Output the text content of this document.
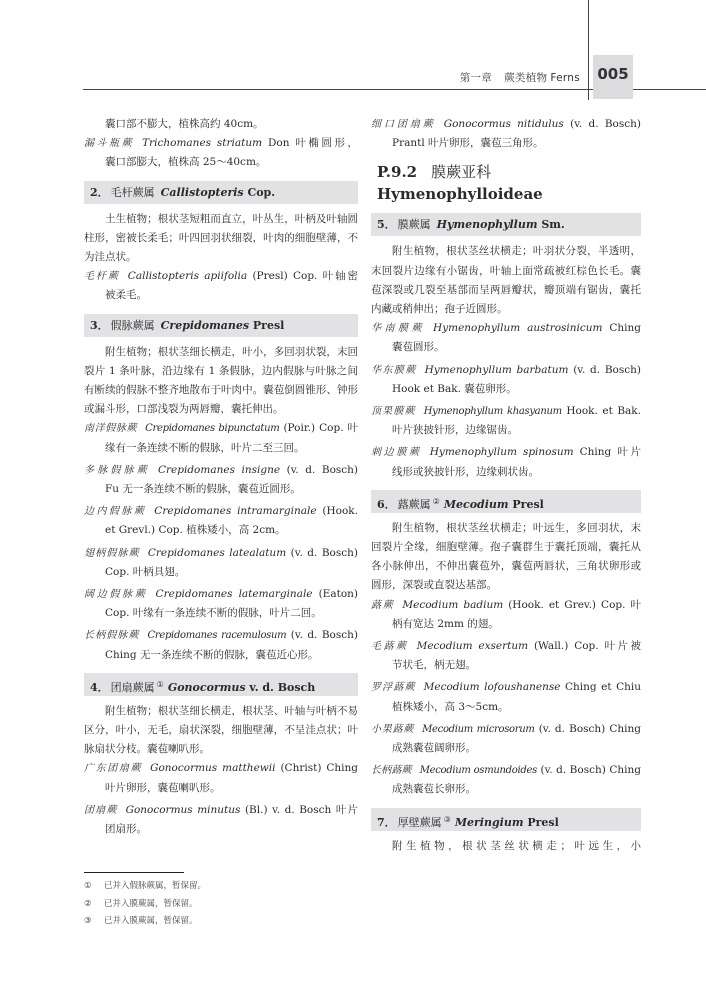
第一章 蕨类植物 Ferns 005

囊口部不膨大，植株高约 40cm。

漏斗瓶蕨 Trichomanes striatum Don 叶椭圆形，
囊口部膨大，植株高 25～40cm。
2． 毛杆蕨属 Callistopteris Cop.

土生植物；根状茎短粗而直立，叶丛生，叶柄及叶轴圆柱形，密被长柔毛；叶四回羽状细裂，叶肉的细胞壁薄，不为洼点状。

毛杆蕨 Callistopteris apiifolia (Presl) Cop. 叶轴密
被柔毛。
3． 假脉蕨属 Crepidomanes Presl

附生植物；根状茎细长横走，叶小，多回羽状裂，末回裂片 1 条叶脉，沿边缘有 1 条假脉，边内假脉与叶脉之间有断续的假脉不整齐地散布于叶肉中。囊苞倒圆锥形、钟形或漏斗形，口部浅裂为两唇瓣，囊托伸出。

南洋假脉蕨 Crepidomanes bipunctatum (Poir.) Cop. 叶
缘有一条连续不断的假脉，叶片二至三回。
多脉假脉蕨 Crepidomanes insigne (v. d. Bosch)
Fu 无一条连续不断的假脉，囊苞近圆形。
边内假脉蕨 Crepidomanes intramarginale (Hook.
et Grevl.) Cop. 植株矮小，高 2cm。
翅柄假脉蕨 Crepidomanes latealatum (v. d. Bosch)
Cop. 叶柄具翅。
阔边假脉蕨 Crepidomanes latemarginale (Eaton)
Cop. 叶缘有一条连续不断的假脉，叶片二回。
长柄假脉蕨 Crepidomanes racemulosum (v. d. Bosch)
Ching 无一条连续不断的假脉，囊苞近心形。
4． 团扇蕨属 ① Gonocormus v. d. Bosch

附生植物；根状茎细长横走，根状茎、叶轴与叶柄不易区分，叶小，无毛，扇状深裂，细胞壁薄，不呈洼点状；叶脉扇状分枝。囊苞喇叭形。

广东团扇蕨 Gonocormus matthewii (Christ) Ching
叶片卵形，囊苞喇叭形。
团扇蕨 Gonocormus minutus (Bl.) v. d. Bosch 叶片
团扇形。
细口团扇蕨 Gonocormus nitidulus (v. d. Bosch)
Prantl 叶片卵形，囊苞三角形。
P.9.2 膜蕨亚科Hymenophylloideae
5． 膜蕨属 Hymenophyllum Sm.

附生植物，根状茎丝状横走；叶羽状分裂，半透明，末回裂片边缘有小锯齿，叶轴上面常疏被红棕色长毛。囊苞深裂或几裂至基部而呈两唇瓣状，瓣顶端有锯齿，囊托内藏或稍伸出；孢子近圆形。

华南膜蕨 Hymenophyllum austrosinicum Ching
囊苞圆形。
华东膜蕨 Hymenophyllum barbatum (v. d. Bosch)
Hook et Bak. 囊苞卵形。
顶果膜蕨 Hymenophyllum khasyanum Hook. et Bak.
叶片狭披针形，边缘锯齿。
刺边膜蕨 Hymenophyllum spinosum Ching 叶片
线形或狭披针形，边缘刺状齿。
6． 蕗蕨属 ② Mecodium Presl

附生植物，根状茎丝状横走；叶远生，多回羽状，末回裂片全缘，细胞壁薄。孢子囊群生于囊托顶端，囊托从各小脉伸出，不伸出囊苞外，囊苞两唇状，三角状卵形或圆形，深裂或直裂达基部。

蕗蕨 Mecodium badium (Hook. et Grev.) Cop. 叶
柄有宽达 2mm 的翅。
毛蕗蕨 Mecodium exsertum (Wall.) Cop. 叶片被
节状毛，柄无翅。
罗浮蕗蕨 Mecodium lofoushanense Ching et Chiu
植株矮小，高 3～5cm。
小果蕗蕨 Mecodium microsorum (v. d. Bosch) Ching
成熟囊苞阔卵形。
长柄蕗蕨 Mecodium osmundoides (v. d. Bosch) Ching
成熟囊苞长卵形。
7． 厚壁蕨属 ③ Meringium Presl

附生植物，根状茎丝状横走；叶远生，小

① 已并入假脉蕨属，暂保留。
② 已并入膜蕨属，暂保留。
③ 已并入膜蕨属，暂保留。
